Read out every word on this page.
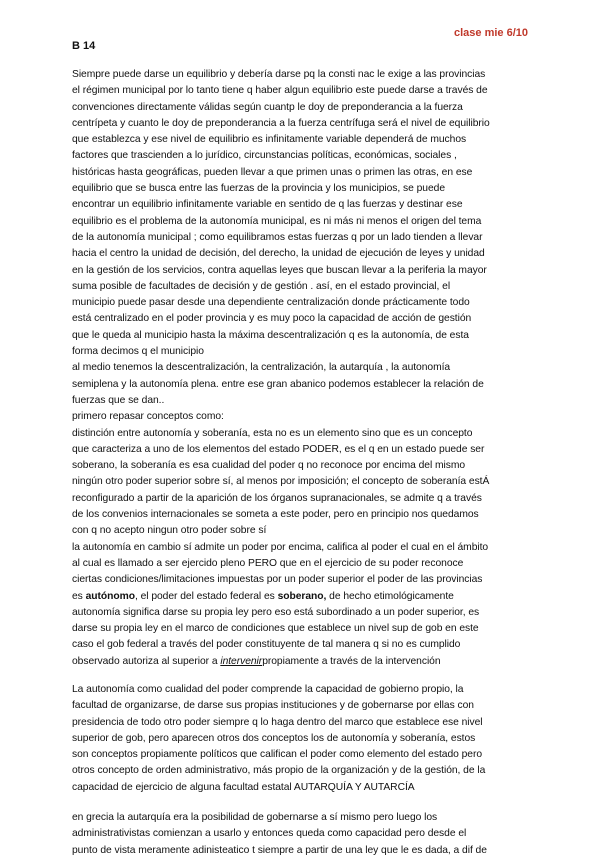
clase mie 6/10
B 14
Siempre puede darse un equilibrio y debería darse pq la consti nac le exige a las provincias
el régimen municipal por lo tanto tiene q haber algun equilibrio este puede darse a través de
convenciones directamente válidas según cuantp le doy de preponderancia a la fuerza
centrípeta y cuanto le doy de preponderancia a la fuerza centrífuga será el nivel de equilibrio
que establezca y ese nivel de equilibrio es infinitamente variable dependerá de muchos
factores que trascienden a lo jurídico, circunstancias políticas, económicas, sociales ,
históricas hasta geográficas, pueden llevar a que primen unas o primen las otras, en ese
equilibrio que se busca entre las fuerzas de la provincia y los municipios, se puede
encontrar un equilibrio infinitamente variable en sentido de q las fuerzas y destinar ese
equilibrio es el problema de la autonomía municipal, es ni más ni menos el origen del tema
de la autonomía municipal ; como equilibramos estas fuerzas q por un lado tienden a llevar
hacia el centro la unidad de decisión, del derecho, la unidad de ejecución de leyes y unidad
en la gestión de los servicios, contra aquellas leyes que buscan llevar a la periferia la mayor
suma posible de facultades de decisión y de gestión . así, en el estado provincial, el
municipio puede pasar desde una dependiente centralización donde prácticamente todo
está centralizado en el poder provincia y es muy poco la capacidad de acción de gestión
que le queda al municipio hasta la máxima descentralización q es la autonomía, de esta
forma decimos q el municipio
al medio tenemos la descentralización, la centralización, la autarquía , la autonomía
semiplena y la autonomía plena. entre ese gran abanico podemos establecer la relación de
fuerzas que se dan..
primero repasar conceptos como:
distinción entre autonomía y soberanía, esta no es un elemento sino que es un concepto
que caracteriza a uno de los elementos del estado PODER, es el q en un estado puede ser
soberano, la soberanía es esa cualidad del poder q no reconoce por encima del mismo
ningún otro poder superior sobre sí, al menos por imposición; el concepto de soberanía estÁ
reconfigurado a partir de la aparición de los órganos supranacionales, se admite q a través
de los convenios internacionales se someta a este poder, pero en principio nos quedamos
con q no acepto ningun otro poder sobre sí
la autonomía en cambio sí admite un poder por encima, califica al poder el cual en el ámbito
al cual es llamado a ser ejercido pleno PERO que en el ejercicio de su poder reconoce
ciertas condiciones/limitaciones impuestas por un poder superior el poder de las provincias
es autónomo, el poder del estado federal es soberano, de hecho etimológicamente
autonomía significa darse su propia ley pero eso está subordinado a un poder superior, es
darse su propia ley en el marco de condiciones que establece un nivel sup de gob en este
caso el gob federal a través del poder constituyente de tal manera q si no es cumplido
observado autoriza al superior a intervenirpropiamente a través de la intervención
La autonomía como cualidad del poder comprende la capacidad de gobierno propio, la
facultad de organizarse, de darse sus propias instituciones y de gobernarse por ellas con
presidencia de todo otro poder siempre q lo haga dentro del marco que establece ese nivel
superior de gob, pero aparecen otros dos conceptos los de autonomía y soberanía, estos
son conceptos propiamente políticos que califican el poder como elemento del estado pero
otros concepto de orden administrativo, más propio de la organización y de la gestión, de la
capacidad de ejercicio de alguna facultad estatal AUTARQUÍA Y AUTARCÍA
en grecia la autarquía era la posibilidad de gobernarse a sí mismo pero luego los
administrativistas comienzan a usarlo y entonces queda como capacidad pero desde el
punto de vista meramente adinisteatico t siempre a partir de una ley que le es dada, a dif de
